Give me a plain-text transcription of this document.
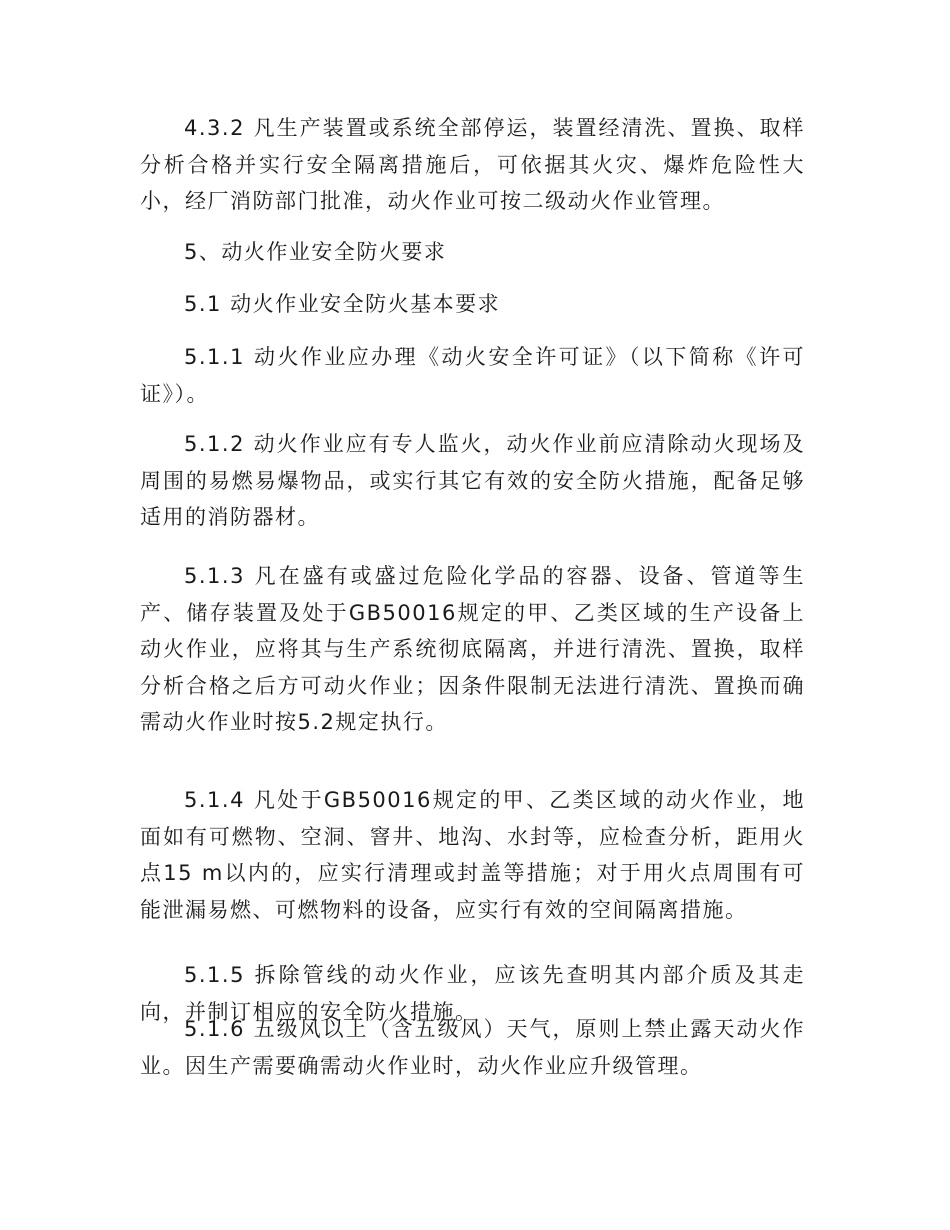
4.3.2 凡生产装置或系统全部停运，装置经清洗、置换、取样分析合格并实行安全隔离措施后，可依据其火灾、爆炸危险性大小，经厂消防部门批准，动火作业可按二级动火作业管理。

5、动火作业安全防火要求

5.1 动火作业安全防火基本要求

5.1.1 动火作业应办理《动火安全许可证》（以下简称《许可证》）。

5.1.2 动火作业应有专人监火，动火作业前应清除动火现场及周围的易燃易爆物品，或实行其它有效的安全防火措施，配备足够适用的消防器材。

5.1.3 凡在盛有或盛过危险化学品的容器、设备、管道等生产、储存装置及处于GB50016规定的甲、乙类区域的生产设备上动火作业，应将其与生产系统彻底隔离，并进行清洗、置换，取样分析合格之后方可动火作业；因条件限制无法进行清洗、置换而确需动火作业时按5.2规定执行。

5.1.4 凡处于GB50016规定的甲、乙类区域的动火作业，地面如有可燃物、空洞、窨井、地沟、水封等，应检查分析，距用火点15 m以内的，应实行清理或封盖等措施；对于用火点周围有可能泄漏易燃、可燃物料的设备，应实行有效的空间隔离措施。

5.1.5 拆除管线的动火作业，应该先查明其内部介质及其走向，并制订相应的安全防火措施。

5.1.6 五级风以上（含五级风）天气，原则上禁止露天动火作业。因生产需要确需动火作业时，动火作业应升级管理。
